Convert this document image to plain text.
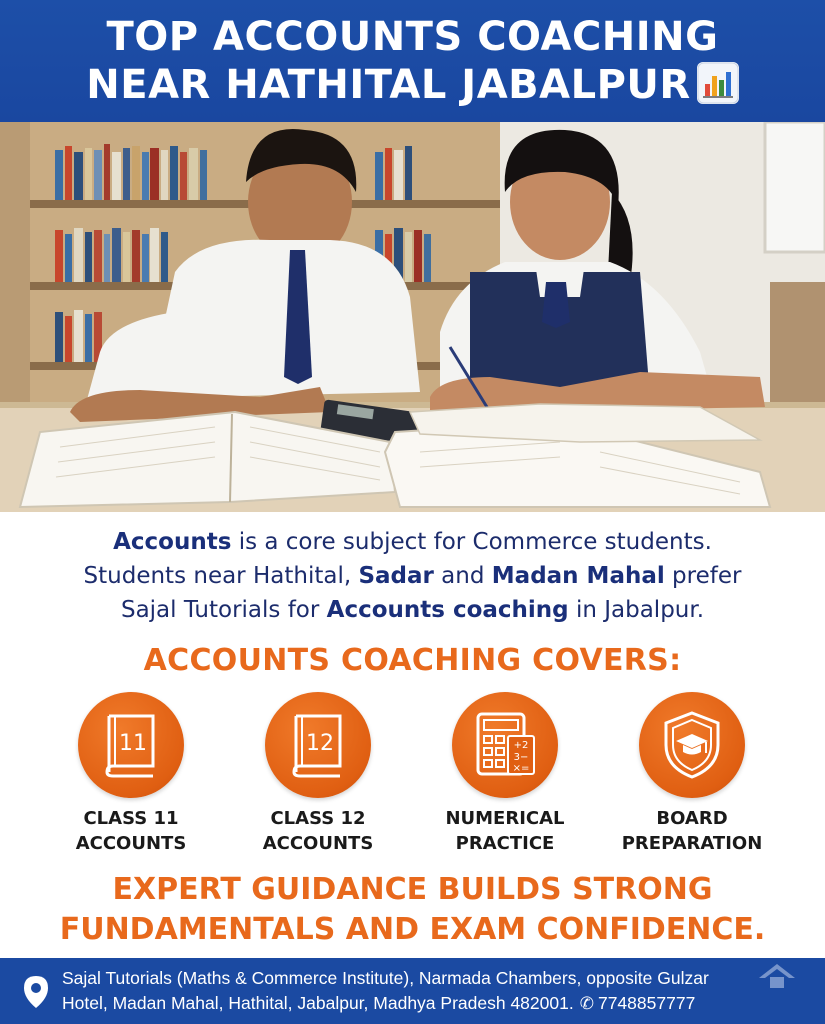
TOP ACCOUNTS COACHING
NEAR HATHITAL JABALPUR
Accounts is a core subject for Commerce students.
Students near Hathital, Sadar and Madan Mahal prefer
Sajal Tutorials for Accounts coaching in Jabalpur.
ACCOUNTS COACHING COVERS:
11
CLASS 11
ACCOUNTS
12
CLASS 12
ACCOUNTS
+2
3−
×=
NUMERICAL
PRACTICE
BOARD
PREPARATION
EXPERT GUIDANCE BUILDS STRONG
FUNDAMENTALS AND EXAM CONFIDENCE.
Sajal Tutorials (Maths & Commerce Institute), Narmada Chambers, opposite Gulzar
Hotel, Madan Mahal, Hathital, Jabalpur, Madhya Pradesh 482001. ✆ 7748857777
